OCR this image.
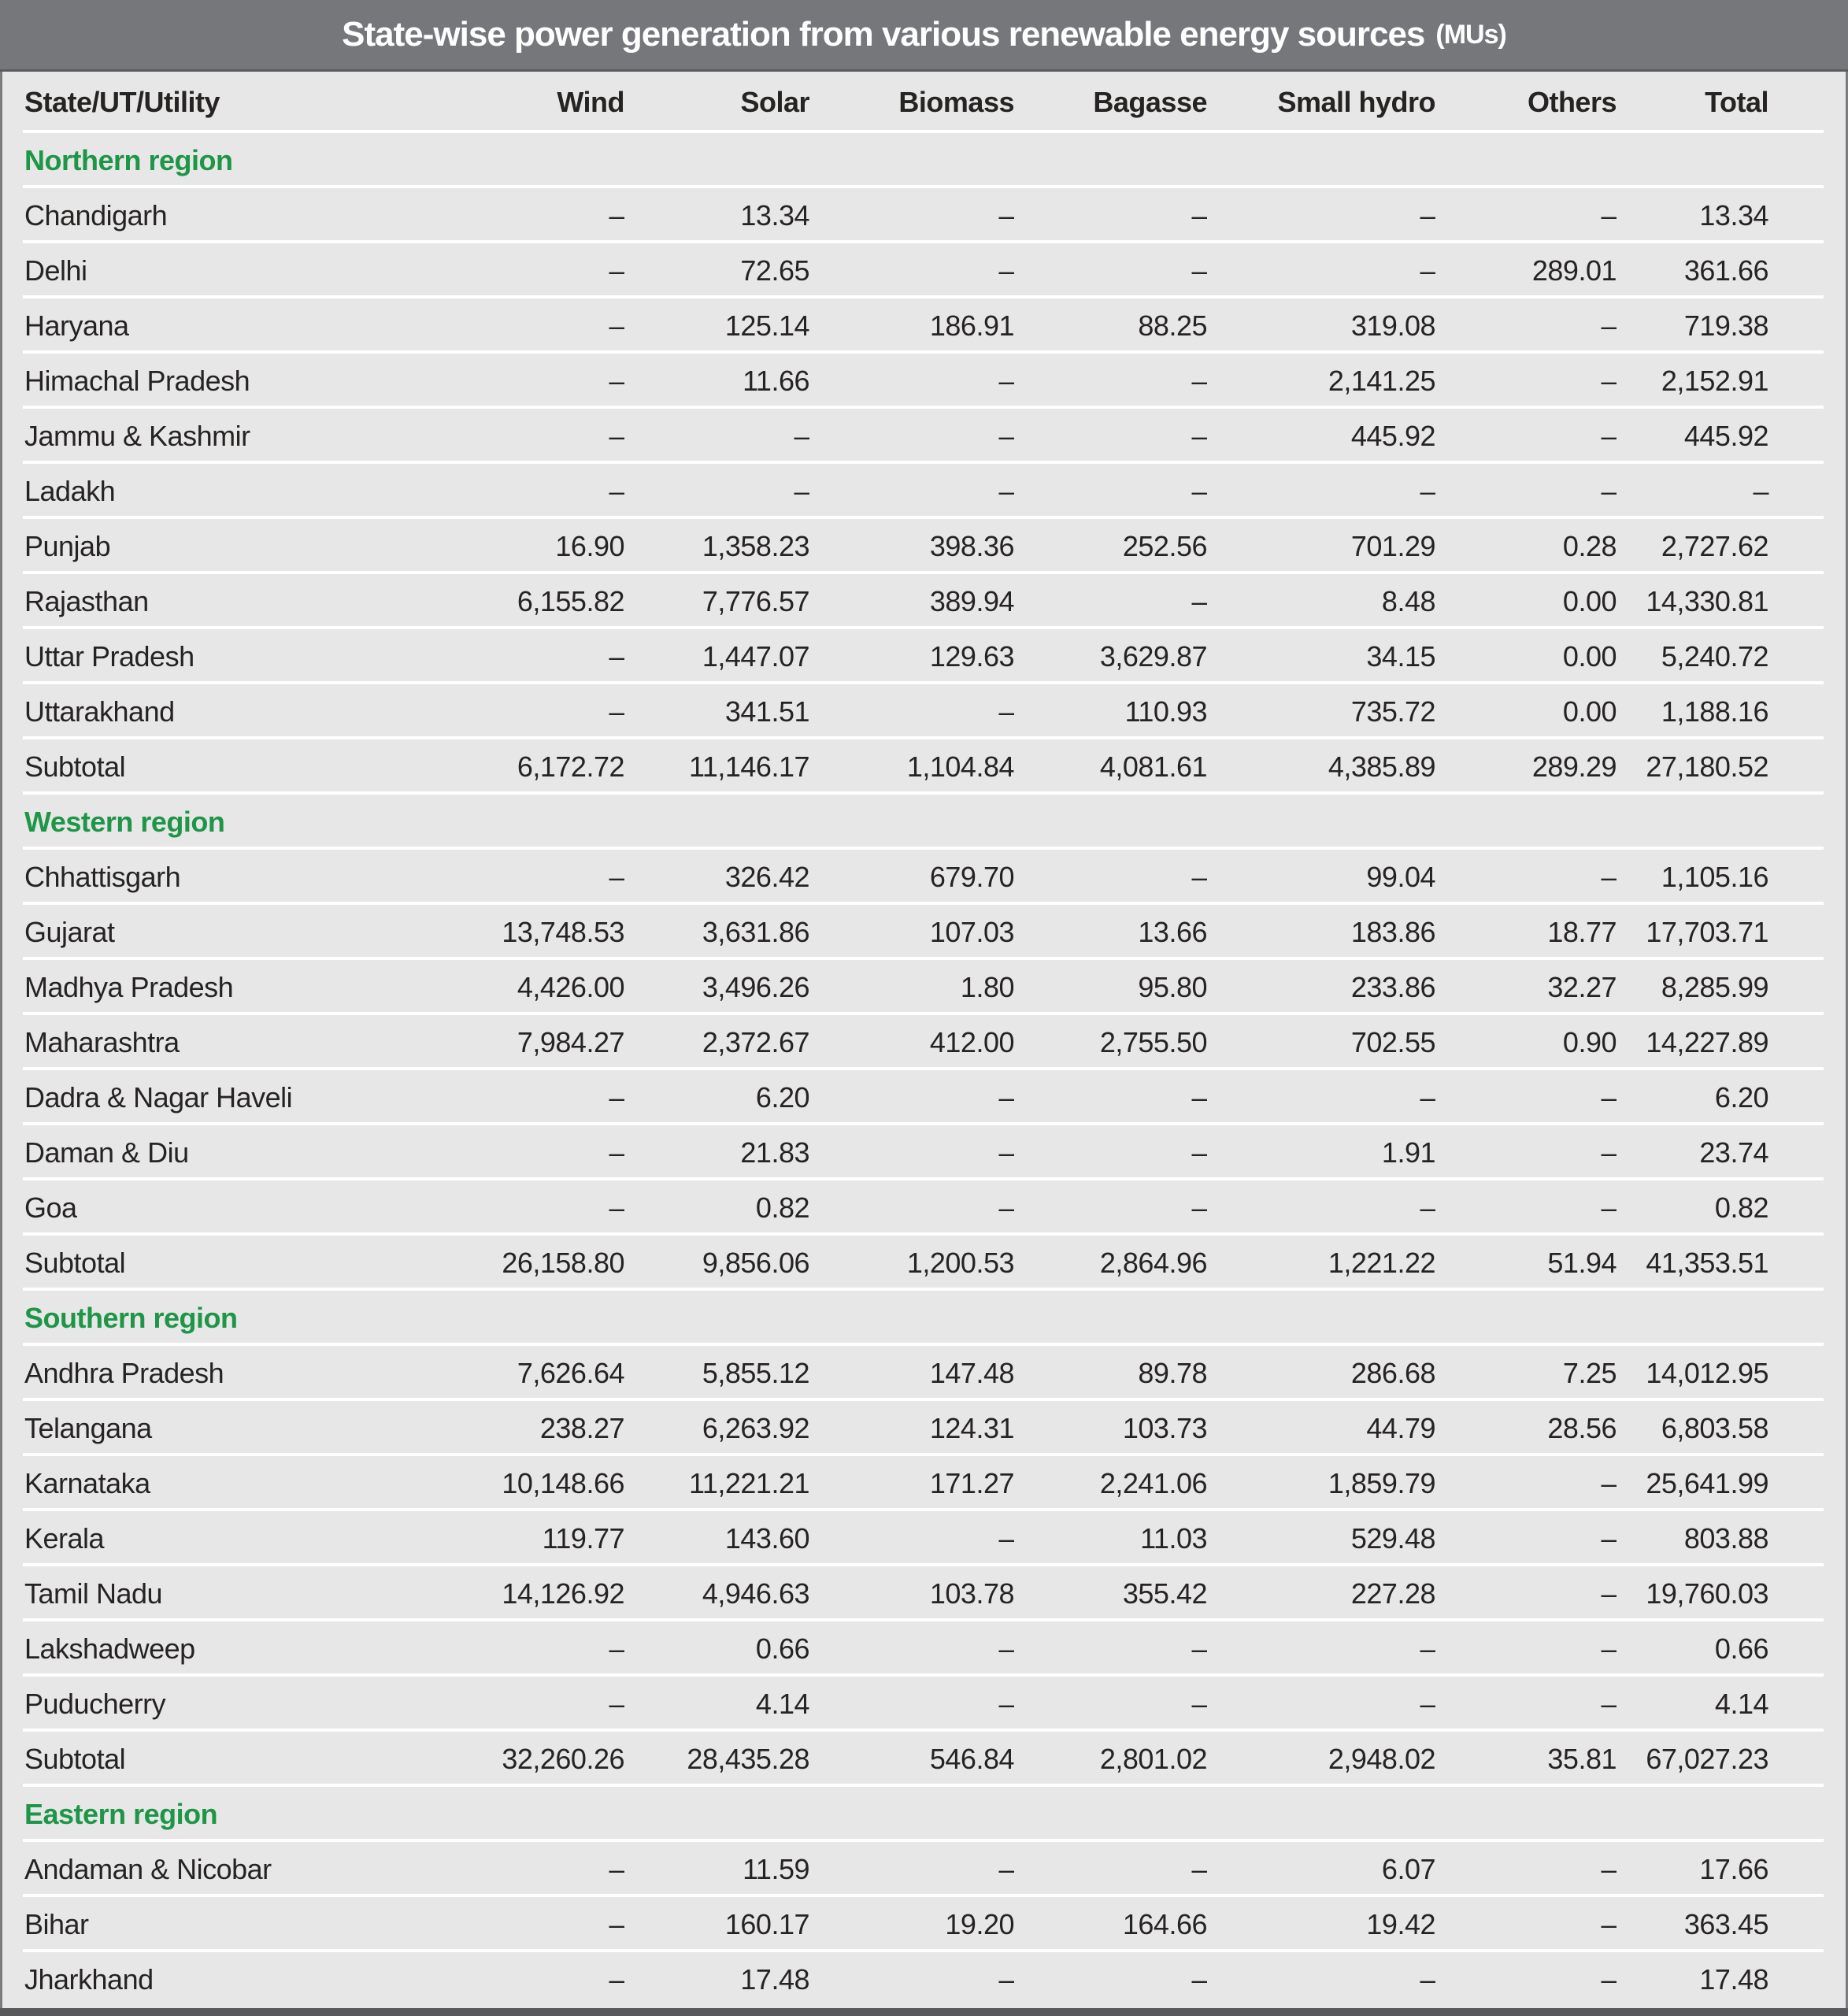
State-wise power generation from various renewable energy sources (MUs)
State/UT/Utility	Wind	Solar	Biomass	Bagasse	Small hydro	Others	Total
Northern region
Chandigarh	–	13.34	–	–	–	–	13.34
Delhi	–	72.65	–	–	–	289.01	361.66
Haryana	–	125.14	186.91	88.25	319.08	–	719.38
Himachal Pradesh	–	11.66	–	–	2,141.25	–	2,152.91
Jammu & Kashmir	–	–	–	–	445.92	–	445.92
Ladakh	–	–	–	–	–	–	–
Punjab	16.90	1,358.23	398.36	252.56	701.29	0.28	2,727.62
Rajasthan	6,155.82	7,776.57	389.94	–	8.48	0.00	14,330.81
Uttar Pradesh	–	1,447.07	129.63	3,629.87	34.15	0.00	5,240.72
Uttarakhand	–	341.51	–	110.93	735.72	0.00	1,188.16
Subtotal	6,172.72	11,146.17	1,104.84	4,081.61	4,385.89	289.29	27,180.52
Western region
Chhattisgarh	–	326.42	679.70	–	99.04	–	1,105.16
Gujarat	13,748.53	3,631.86	107.03	13.66	183.86	18.77	17,703.71
Madhya Pradesh	4,426.00	3,496.26	1.80	95.80	233.86	32.27	8,285.99
Maharashtra	7,984.27	2,372.67	412.00	2,755.50	702.55	0.90	14,227.89
Dadra & Nagar Haveli	–	6.20	–	–	–	–	6.20
Daman & Diu	–	21.83	–	–	1.91	–	23.74
Goa	–	0.82	–	–	–	–	0.82
Subtotal	26,158.80	9,856.06	1,200.53	2,864.96	1,221.22	51.94	41,353.51
Southern region
Andhra Pradesh	7,626.64	5,855.12	147.48	89.78	286.68	7.25	14,012.95
Telangana	238.27	6,263.92	124.31	103.73	44.79	28.56	6,803.58
Karnataka	10,148.66	11,221.21	171.27	2,241.06	1,859.79	–	25,641.99
Kerala	119.77	143.60	–	11.03	529.48	–	803.88
Tamil Nadu	14,126.92	4,946.63	103.78	355.42	227.28	–	19,760.03
Lakshadweep	–	0.66	–	–	–	–	0.66
Puducherry	–	4.14	–	–	–	–	4.14
Subtotal	32,260.26	28,435.28	546.84	2,801.02	2,948.02	35.81	67,027.23
Eastern region
Andaman & Nicobar	–	11.59	–	–	6.07	–	17.66
Bihar	–	160.17	19.20	164.66	19.42	–	363.45
Jharkhand	–	17.48	–	–	–	–	17.48
